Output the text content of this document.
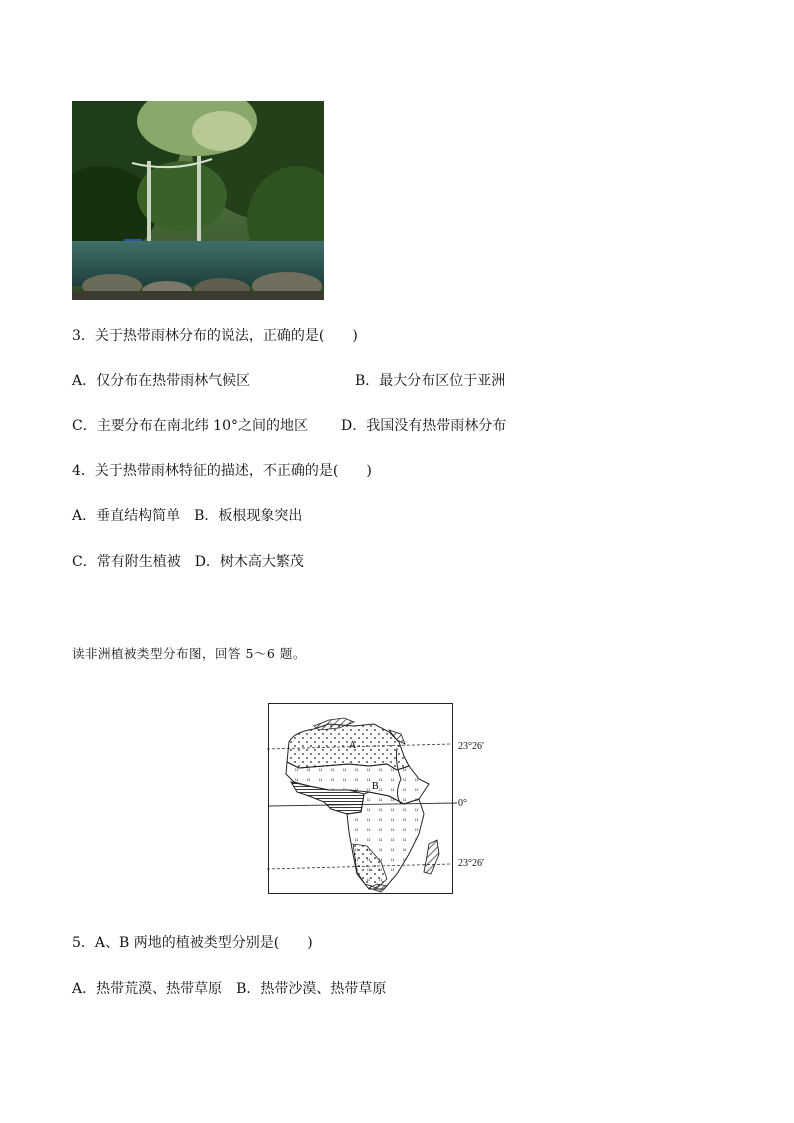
3．关于热带雨林分布的说法，正确的是(　　)
A．仅分布在热带雨林气候区	B．最大分布区位于亚洲
C．主要分布在南北纬 10°之间的地区 D．我国没有热带雨林分布
4．关于热带雨林特征的描述，不正确的是(　　)
A．垂直结构简单　B．板根现象突出
C．常有附生植被　D．树木高大繁茂
读非洲植被类型分布图，回答 5～6 题。
A
B
23°26′
0°
23°26′
5．A、B 两地的植被类型分别是(　　)
A．热带荒漠、热带草原　B．热带沙漠、热带草原
